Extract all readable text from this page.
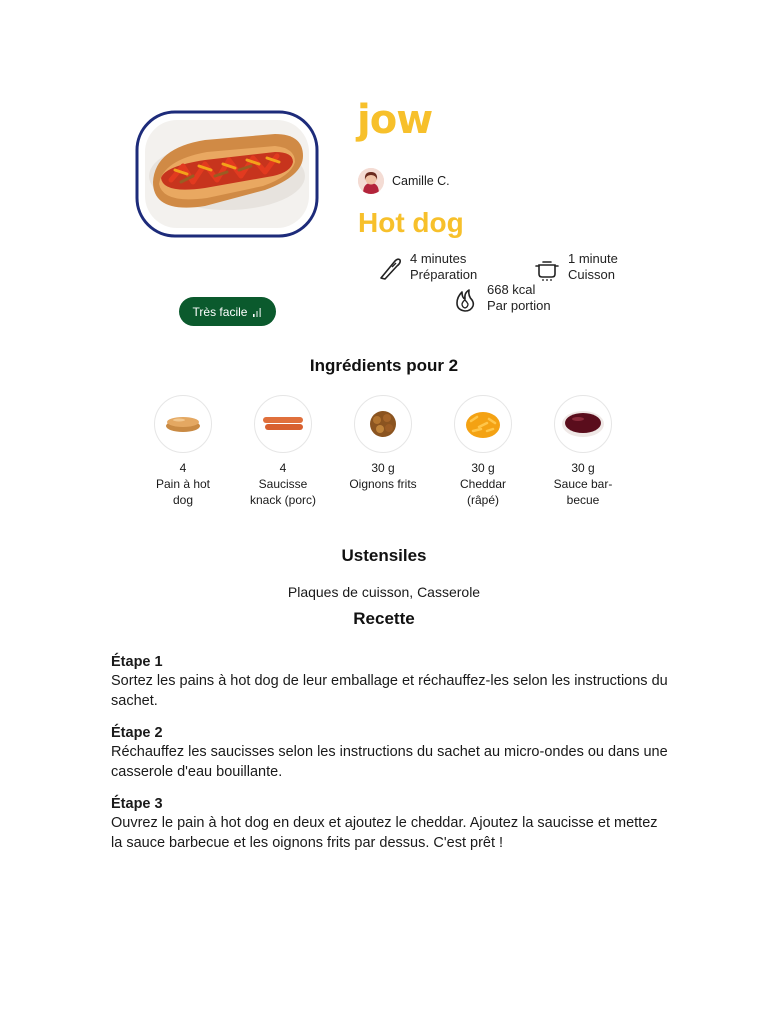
jow
Camille C.
Hot dog
4 minutes
Préparation
1 minute
Cuisson
668 kcal
Par portion
Très facile
Ingrédients pour 2
4
Pain à hot dog
4
Saucisse knack (porc)
30 g
Oignons frits
30 g
Cheddar (râpé)
30 g
Sauce bar-becue
Ustensiles
Plaques de cuisson, Casserole
Recette
Étape 1
Sortez les pains à hot dog de leur emballage et réchauffez-les selon les instructions du sachet.
Étape 2
Réchauffez les saucisses selon les instructions du sachet au micro-ondes ou dans une casserole d'eau bouillante.
Étape 3
Ouvrez le pain à hot dog en deux et ajoutez le cheddar. Ajoutez la saucisse et mettez la sauce barbecue et les oignons frits par dessus. C'est prêt !
